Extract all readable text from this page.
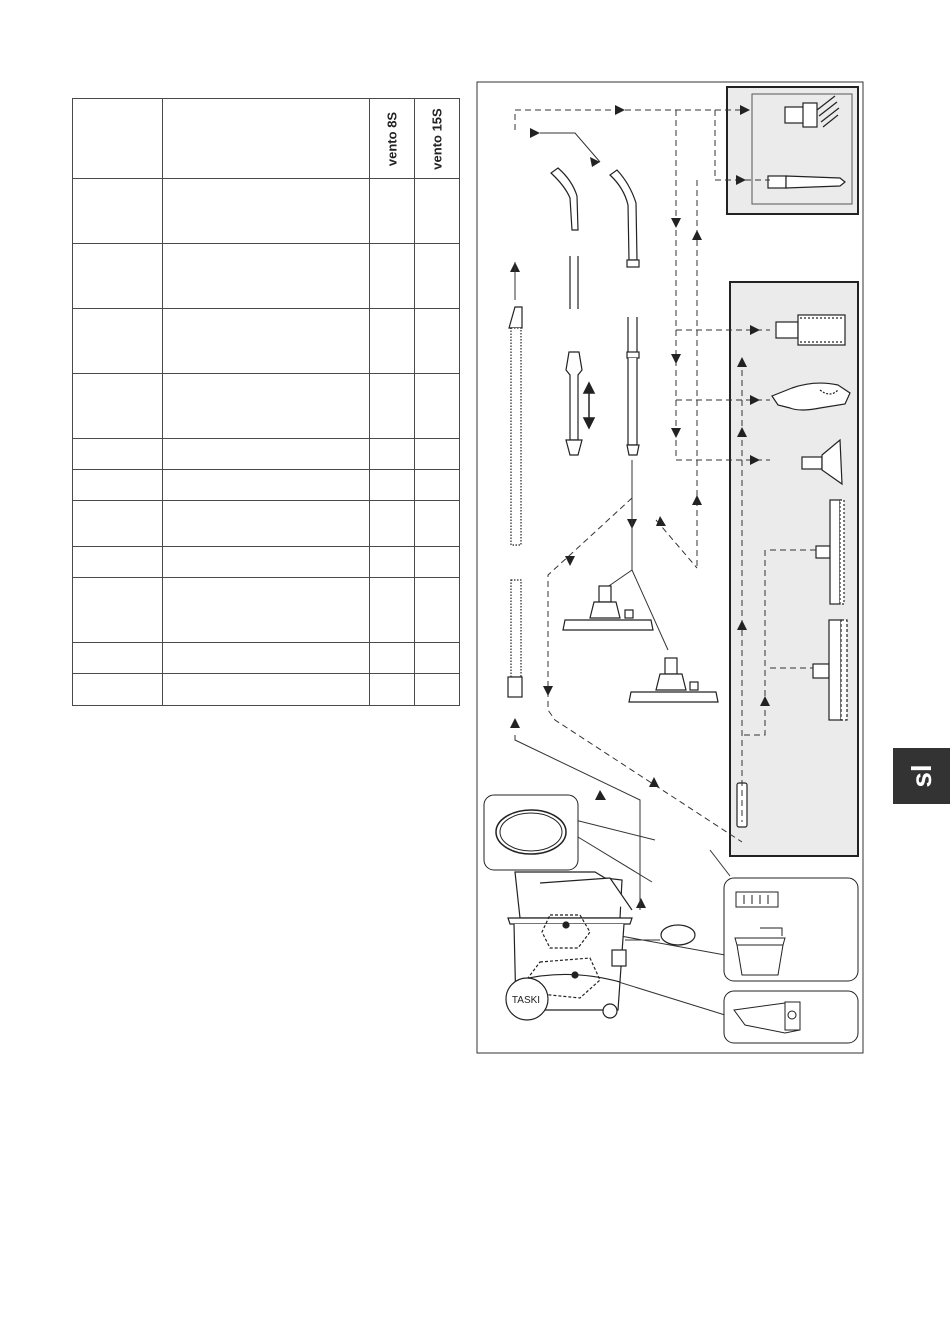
		vento 8S	vento 15S

TASKI
sl
